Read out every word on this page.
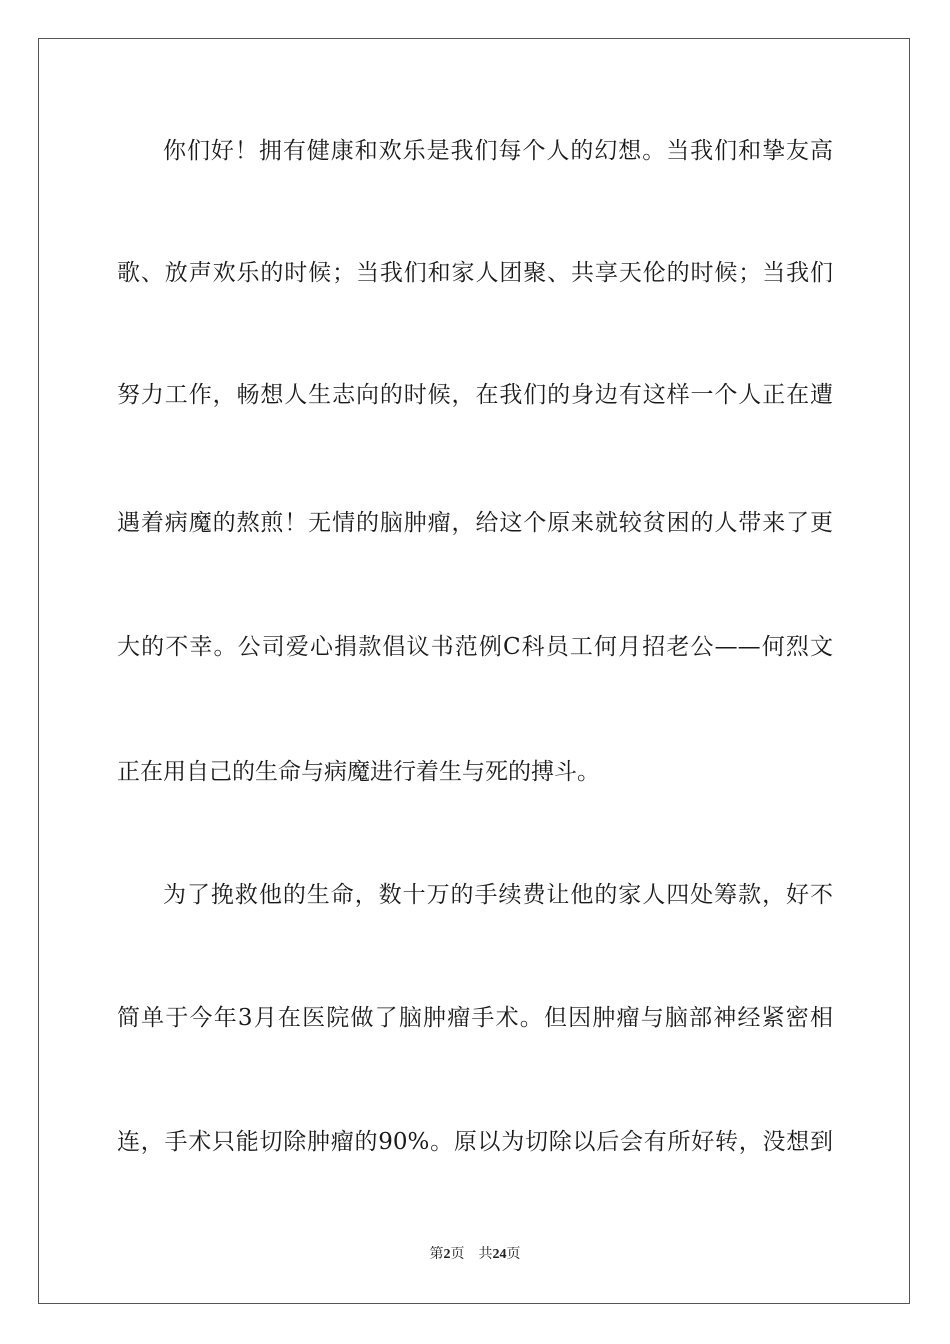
你们好！拥有健康和欢乐是我们每个人的幻想。当我们和挚友高
歌、放声欢乐的时候；当我们和家人团聚、共享天伦的时候；当我们
努力工作，畅想人生志向的时候，在我们的身边有这样一个人正在遭
遇着病魔的熬煎！无情的脑肿瘤，给这个原来就较贫困的人带来了更
大的不幸。公司爱心捐款倡议书范例C科员工何月招老公——何烈文
正在用自己的生命与病魔进行着生与死的搏斗。
为了挽救他的生命，数十万的手续费让他的家人四处筹款，好不
简单于今年3月在医院做了脑肿瘤手术。但因肿瘤与脑部神经紧密相
连，手术只能切除肿瘤的90%。原以为切除以后会有所好转，没想到
第2页 共24页
